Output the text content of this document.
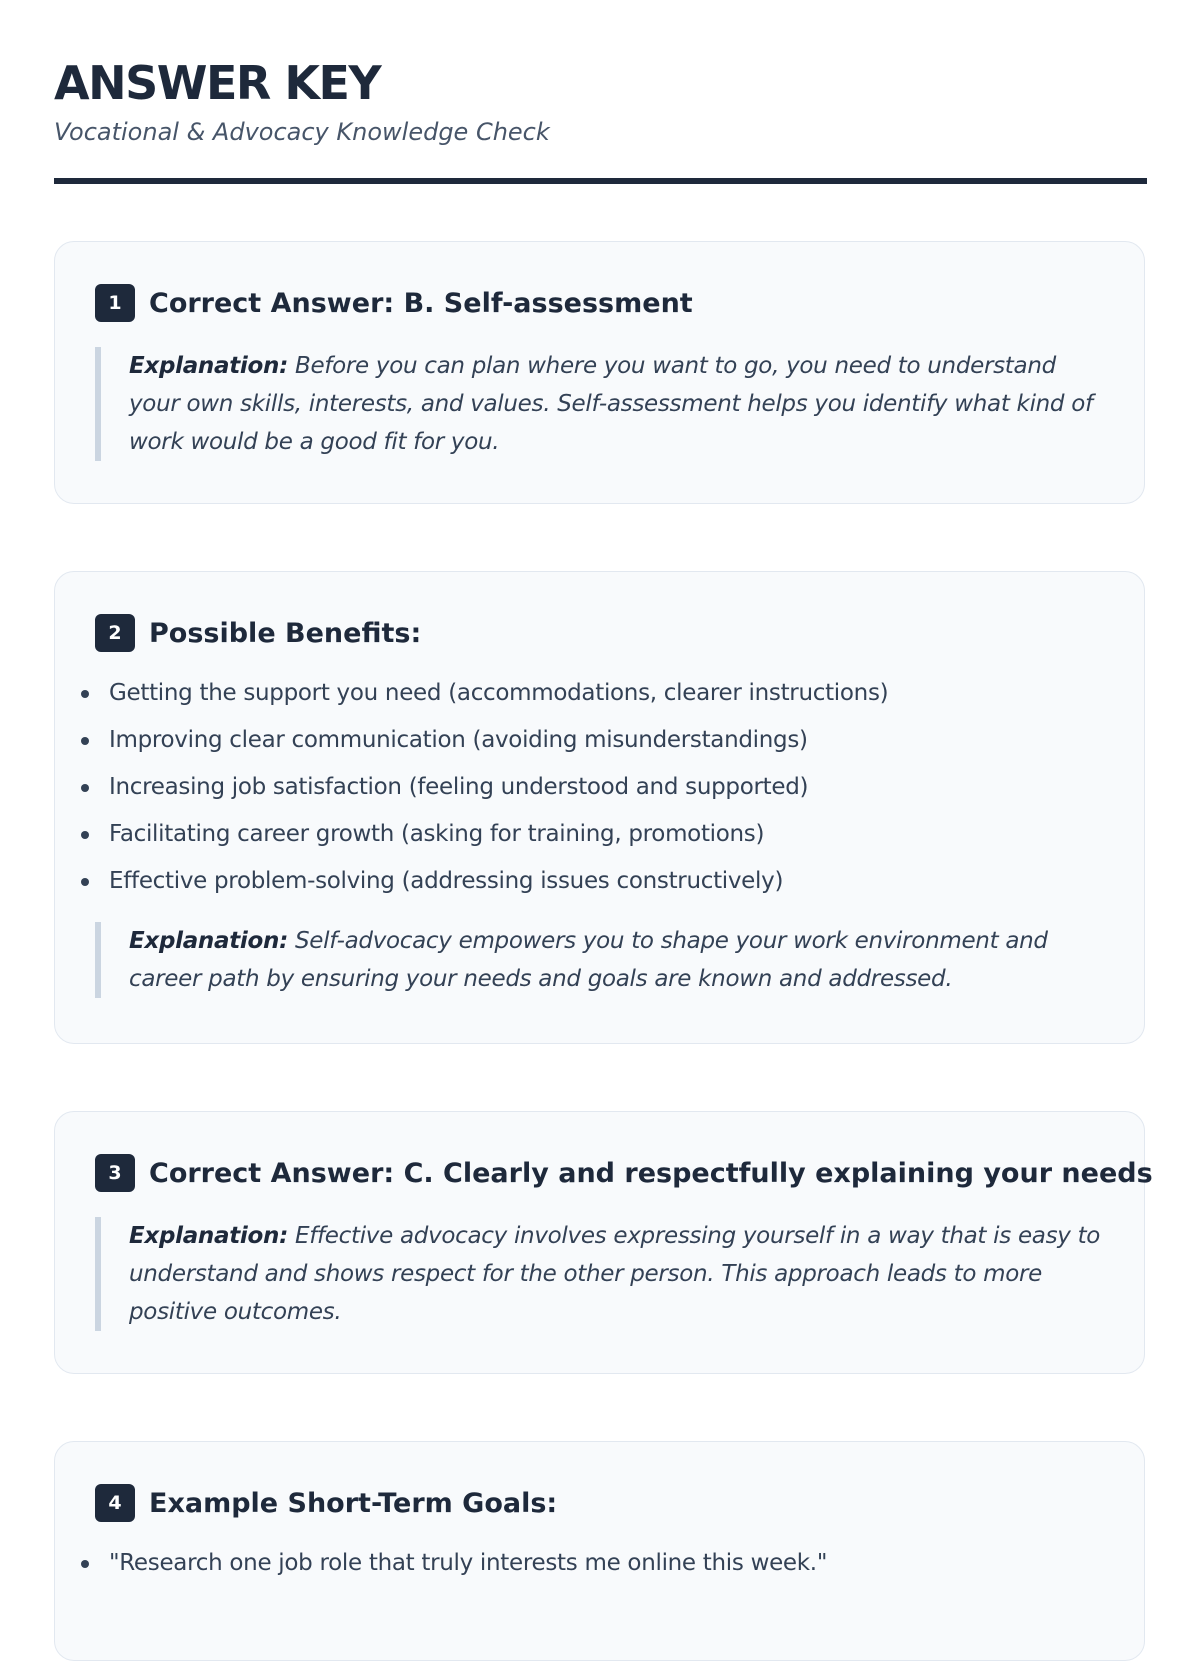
ANSWER KEY
Vocational & Advocacy Knowledge Check
1	Correct Answer: B. Self-assessment
Explanation: Before you can plan where you want to go, you need to understand your own skills, interests, and values. Self-assessment helps you identify what kind of work would be a good fit for you.
2	Possible Benefits:
Getting the support you need (accommodations, clearer instructions)
Improving clear communication (avoiding misunderstandings)
Increasing job satisfaction (feeling understood and supported)
Facilitating career growth (asking for training, promotions)
Effective problem-solving (addressing issues constructively)
Explanation: Self-advocacy empowers you to shape your work environment and career path by ensuring your needs and goals are known and addressed.
3	Correct Answer: C. Clearly and respectfully explaining your needs
Explanation: Effective advocacy involves expressing yourself in a way that is easy to understand and shows respect for the other person. This approach leads to more positive outcomes.
4	Example Short-Term Goals:
"Research one job role that truly interests me online this week."
